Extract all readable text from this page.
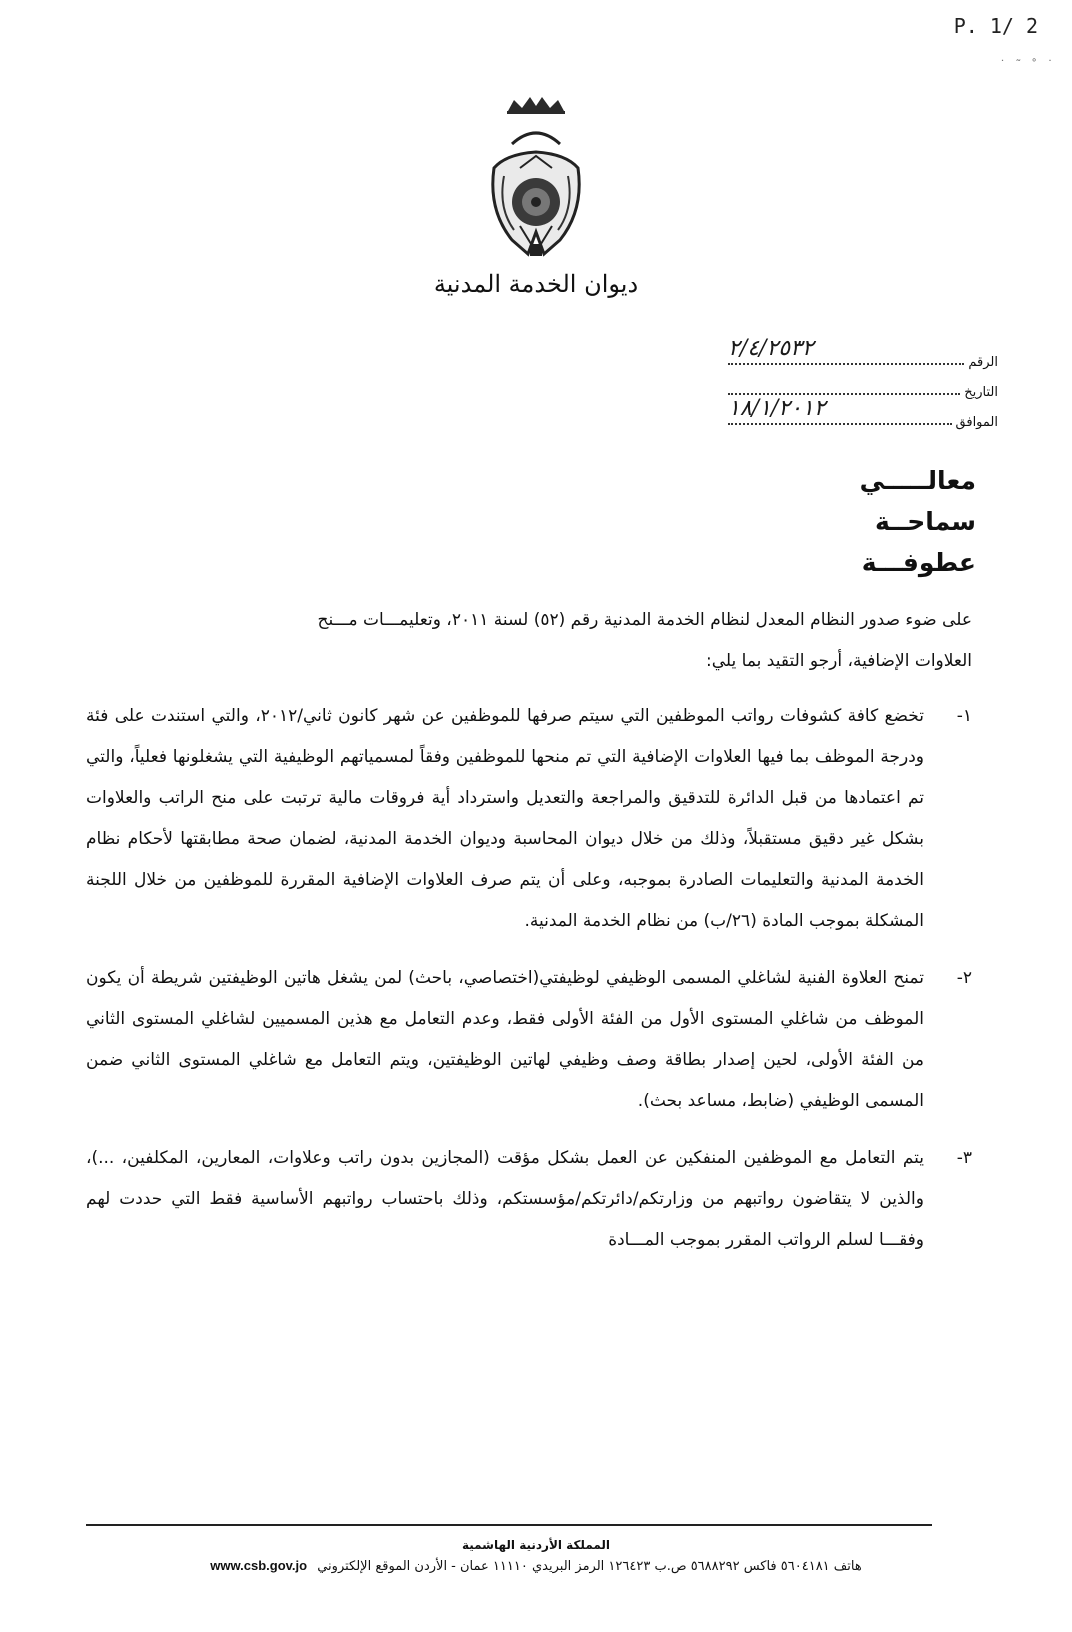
P. 1/ 2
˙ ˜ ˚ ˙
ديوان الخدمة المدنية
الرقم
٢/٤/٢٥٣٢
التاريخ
الموافق
١٨/١/٢٠١٢
معالـــــي
سماحــة
عطوفـــة

على ضوء صدور النظام المعدل لنظام الخدمة المدنية رقم (٥٢) لسنة ٢٠١١، وتعليمـــات مـــنح

العلاوات الإضافية، أرجو التقيد بما يلي:

١-
تخضع كافة كشوفات رواتب الموظفين التي سيتم صرفها للموظفين عن شهر كانون ثاني/٢٠١٢، والتي استندت على فئة ودرجة الموظف بما فيها العلاوات الإضافية التي تم منحها للموظفين وفقاً لمسمياتهم الوظيفية التي يشغلونها فعلياً، والتي تم اعتمادها من قبل الدائرة للتدقيق والمراجعة والتعديل واسترداد أية فروقات مالية ترتبت على منح الراتب والعلاوات بشكل غير دقيق مستقبلاً، وذلك من خلال ديوان المحاسبة وديوان الخدمة المدنية، لضمان صحة مطابقتها لأحكام نظام الخدمة المدنية والتعليمات الصادرة بموجبه، وعلى أن يتم صرف العلاوات الإضافية المقررة للموظفين من خلال اللجنة المشكلة بموجب المادة (٢٦/ب) من نظام الخدمة المدنية.
٢-
تمنح العلاوة الفنية لشاغلي المسمى الوظيفي لوظيفتي(اختصاصي، باحث) لمن يشغل هاتين الوظيفتين شريطة أن يكون الموظف من شاغلي المستوى الأول من الفئة الأولى فقط، وعدم التعامل مع هذين المسميين لشاغلي المستوى الثاني من الفئة الأولى، لحين إصدار بطاقة وصف وظيفي لهاتين الوظيفتين، ويتم التعامل مع شاغلي المستوى الثاني ضمن المسمى الوظيفي (ضابط، مساعد بحث).
٣-
يتم التعامل مع الموظفين المنفكين عن العمل بشكل مؤقت (المجازين بدون راتب وعلاوات، المعارين، المكلفين، ...)، والذين لا يتقاضون رواتبهم من وزارتكم/دائرتكم/مؤسستكم، وذلك باحتساب رواتبهم الأساسية فقط التي حددت لهم وفقـــا لسلم الرواتب المقرر بموجب المـــادة
المملكة الأردنية الهاشمية
هاتف ٥٦٠٤١٨١ فاكس ٥٦٨٨٢٩٢ ص.ب ١٢٦٤٢٣ الرمز البريدي ١١١١٠ عمان - الأردن الموقع الإلكتروني www.csb.gov.jo
